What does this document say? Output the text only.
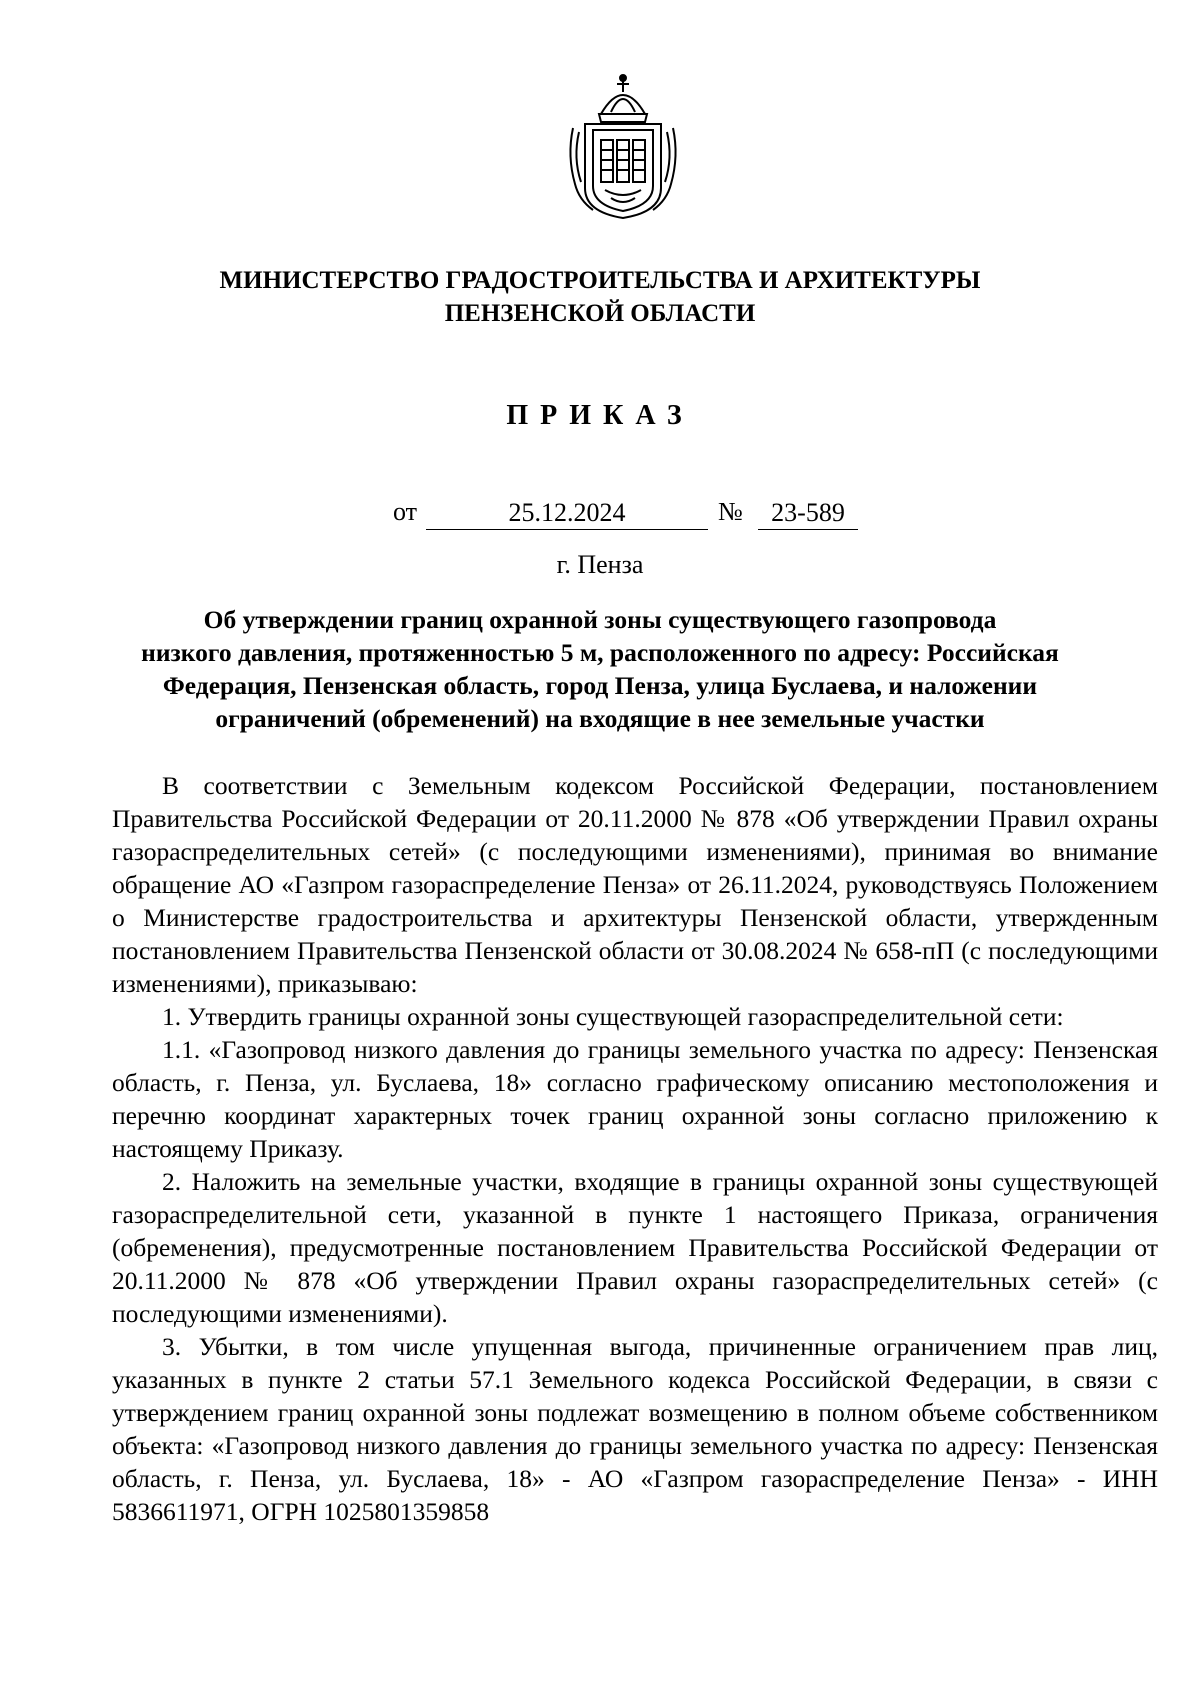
МИНИСТЕРСТВО ГРАДОСТРОИТЕЛЬСТВА И АРХИТЕКТУРЫ
ПЕНЗЕНСКОЙ ОБЛАСТИ
ПРИКАЗ
от	25.12.2024	№	23-589
г. Пенза
Об утверждении границ охранной зоны существующего газопровода
низкого давления, протяженностью 5 м, расположенного по адресу: Российская
Федерация, Пензенская область, город Пенза, улица Буслаева, и наложении
ограничений (обременений) на входящие в нее земельные участки

В соответствии с Земельным кодексом Российской Федерации, постановлением Правительства Российской Федерации от 20.11.2000 № 878 «Об утверждении Правил охраны газораспределительных сетей» (с последующими изменениями), принимая во внимание обращение АО «Газпром газораспределение Пенза» от 26.11.2024, руководствуясь Положением о Министерстве градостроительства и архитектуры Пензенской области, утвержденным постановлением Правительства Пензенской области от 30.08.2024 № 658-пП (с последующими изменениями), приказываю:

1. Утвердить границы охранной зоны существующей газораспределительной сети:

1.1. «Газопровод низкого давления до границы земельного участка по адресу: Пензенская область, г. Пенза, ул. Буслаева, 18» согласно графическому описанию местоположения и перечню координат характерных точек границ охранной зоны согласно приложению к настоящему Приказу.

2. Наложить на земельные участки, входящие в границы охранной зоны существующей газораспределительной сети, указанной в пункте 1 настоящего Приказа, ограничения (обременения), предусмотренные постановлением Правительства Российской Федерации от 20.11.2000 № 878 «Об утверждении Правил охраны газораспределительных сетей» (с последующими изменениями).

3. Убытки, в том числе упущенная выгода, причиненные ограничением прав лиц, указанных в пункте 2 статьи 57.1 Земельного кодекса Российской Федерации, в связи с утверждением границ охранной зоны подлежат возмещению в полном объеме собственником объекта: «Газопровод низкого давления до границы земельного участка по адресу: Пензенская область, г. Пенза, ул. Буслаева, 18» - АО «Газпром газораспределение Пенза» - ИНН 5836611971, ОГРН 1025801359858
